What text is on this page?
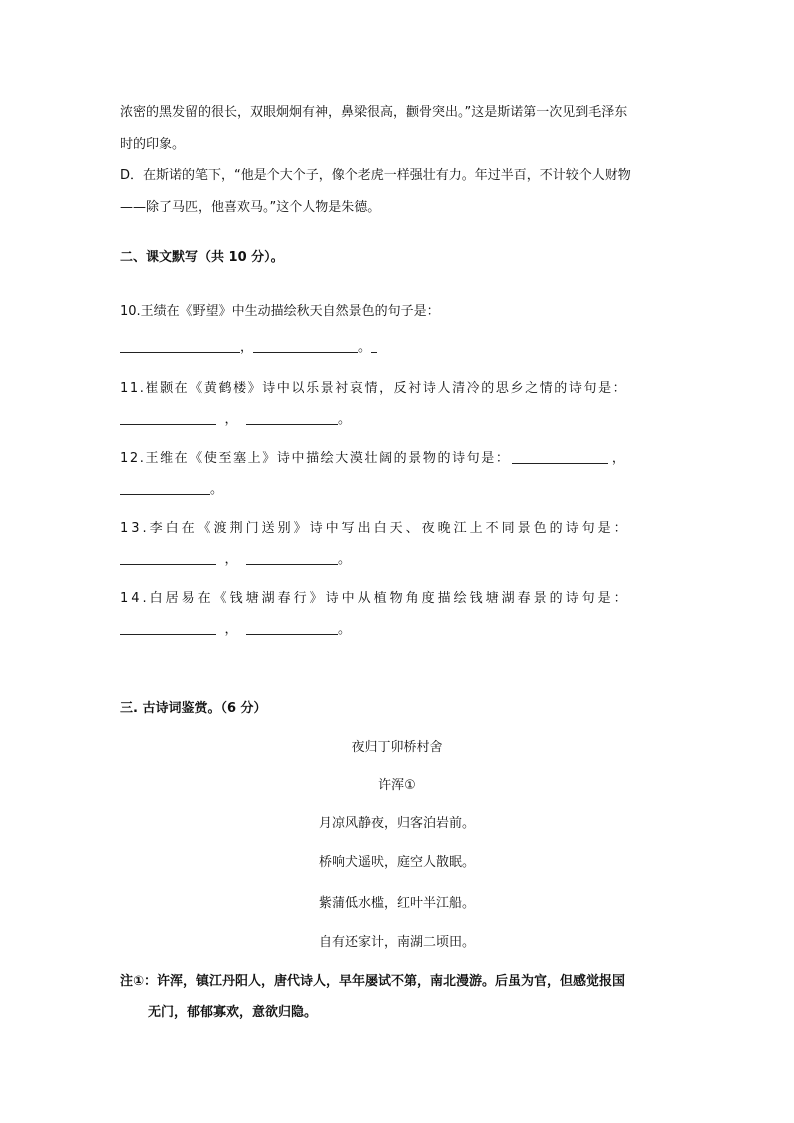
浓密的黑发留的很长，双眼炯炯有神，鼻梁很高，颧骨突出。”这是斯诺第一次见到毛泽东
时的印象。
D．在斯诺的笔下，“他是个大个子，像个老虎一样强壮有力。年过半百，不计较个人财物
——除了马匹，他喜欢马。”这个人物是朱德。
二、课文默写（共 10 分）。
10.王绩在《野望》中生动描绘秋天自然景色的句子是：
，	。
11.崔颢在《黄鹤楼》诗中以乐景衬哀情，反衬诗人清冷的思乡之情的诗句是：
，	。
12.王维在《使至塞上》诗中描绘大漠壮阔的景物的诗句是：	，
。
13.李白在《渡荆门送别》诗中写出白天、夜晚江上不同景色的诗句是：
，	。
14.白居易在《钱塘湖春行》诗中从植物角度描绘钱塘湖春景的诗句是：
，	。
三. 古诗词鉴赏。（6 分）
夜归丁卯桥村舍
许浑①
月凉风静夜，归客泊岩前。
桥响犬遥吠，庭空人散眠。
紫蒲低水槛，红叶半江船。
自有还家计，南湖二顷田。
注①：许浑，镇江丹阳人，唐代诗人，早年屡试不第，南北漫游。后虽为官，但感觉报国
无门，郁郁寡欢，意欲归隐。
